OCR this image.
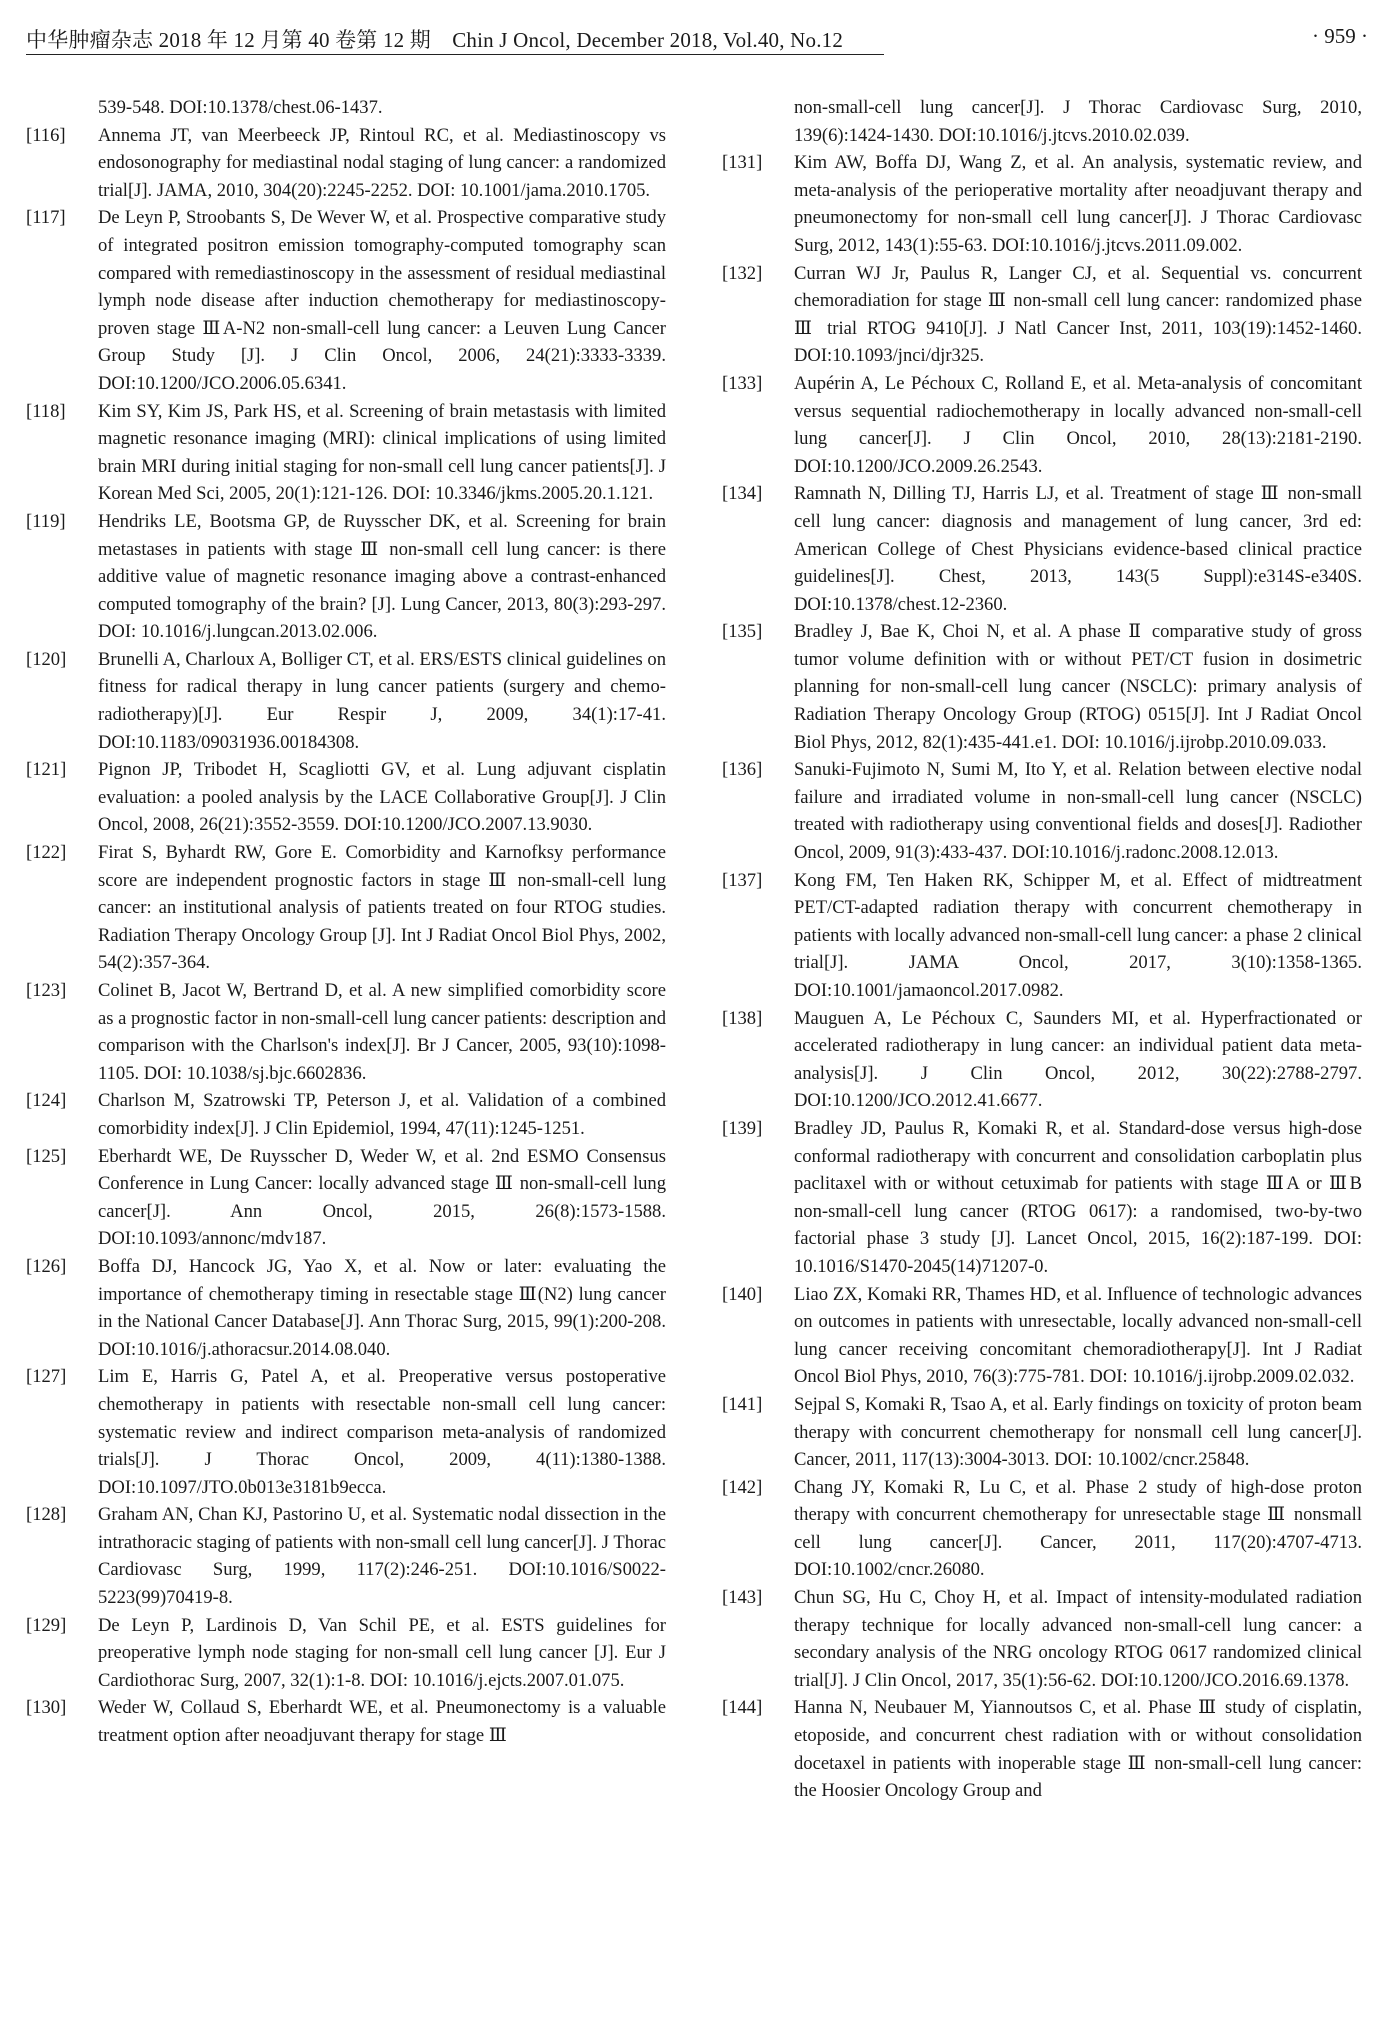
中华肿瘤杂志 2018 年 12 月第 40 卷第 12 期　Chin J Oncol, December 2018, Vol.40, No.12	· 959 ·
539-548. DOI:10.1378/chest.06-1437.
[116] Annema JT, van Meerbeeck JP, Rintoul RC, et al. Mediastinoscopy vs endosonography for mediastinal nodal staging of lung cancer: a randomized trial[J]. JAMA, 2010, 304(20):2245-2252. DOI: 10.1001/jama.2010.1705.
[117] De Leyn P, Stroobants S, De Wever W, et al. Prospective comparative study of integrated positron emission tomography-computed tomography scan compared with remediastinoscopy in the assessment of residual mediastinal lymph node disease after induction chemotherapy for mediastinoscopy-proven stage ⅢA-N2 non-small-cell lung cancer: a Leuven Lung Cancer Group Study [J]. J Clin Oncol, 2006, 24(21):3333-3339. DOI:10.1200/JCO.2006.05.6341.
[118] Kim SY, Kim JS, Park HS, et al. Screening of brain metastasis with limited magnetic resonance imaging (MRI): clinical implications of using limited brain MRI during initial staging for non-small cell lung cancer patients[J]. J Korean Med Sci, 2005, 20(1):121-126. DOI: 10.3346/jkms.2005.20.1.121.
[119] Hendriks LE, Bootsma GP, de Ruysscher DK, et al. Screening for brain metastases in patients with stage Ⅲ non-small cell lung cancer: is there additive value of magnetic resonance imaging above a contrast-enhanced computed tomography of the brain? [J]. Lung Cancer, 2013, 80(3):293-297. DOI: 10.1016/j.lungcan.2013.02.006.
[120] Brunelli A, Charloux A, Bolliger CT, et al. ERS/ESTS clinical guidelines on fitness for radical therapy in lung cancer patients (surgery and chemo-radiotherapy)[J]. Eur Respir J, 2009, 34(1):17-41. DOI:10.1183/09031936.00184308.
[121] Pignon JP, Tribodet H, Scagliotti GV, et al. Lung adjuvant cisplatin evaluation: a pooled analysis by the LACE Collaborative Group[J]. J Clin Oncol, 2008, 26(21):3552-3559. DOI:10.1200/JCO.2007.13.9030.
[122] Firat S, Byhardt RW, Gore E. Comorbidity and Karnofksy performance score are independent prognostic factors in stage Ⅲ non-small-cell lung cancer: an institutional analysis of patients treated on four RTOG studies. Radiation Therapy Oncology Group [J]. Int J Radiat Oncol Biol Phys, 2002, 54(2):357-364.
[123] Colinet B, Jacot W, Bertrand D, et al. A new simplified comorbidity score as a prognostic factor in non-small-cell lung cancer patients: description and comparison with the Charlson's index[J]. Br J Cancer, 2005, 93(10):1098-1105. DOI: 10.1038/sj.bjc.6602836.
[124] Charlson M, Szatrowski TP, Peterson J, et al. Validation of a combined comorbidity index[J]. J Clin Epidemiol, 1994, 47(11):1245-1251.
[125] Eberhardt WE, De Ruysscher D, Weder W, et al. 2nd ESMO Consensus Conference in Lung Cancer: locally advanced stage Ⅲ non-small-cell lung cancer[J]. Ann Oncol, 2015, 26(8):1573-1588. DOI:10.1093/annonc/mdv187.
[126] Boffa DJ, Hancock JG, Yao X, et al. Now or later: evaluating the importance of chemotherapy timing in resectable stage Ⅲ(N2) lung cancer in the National Cancer Database[J]. Ann Thorac Surg, 2015, 99(1):200-208. DOI:10.1016/j.athoracsur.2014.08.040.
[127] Lim E, Harris G, Patel A, et al. Preoperative versus postoperative chemotherapy in patients with resectable non-small cell lung cancer: systematic review and indirect comparison meta-analysis of randomized trials[J]. J Thorac Oncol, 2009, 4(11):1380-1388. DOI:10.1097/JTO.0b013e3181b9ecca.
[128] Graham AN, Chan KJ, Pastorino U, et al. Systematic nodal dissection in the intrathoracic staging of patients with non-small cell lung cancer[J]. J Thorac Cardiovasc Surg, 1999, 117(2):246-251. DOI:10.1016/S0022-5223(99)70419-8.
[129] De Leyn P, Lardinois D, Van Schil PE, et al. ESTS guidelines for preoperative lymph node staging for non-small cell lung cancer [J]. Eur J Cardiothorac Surg, 2007, 32(1):1-8. DOI: 10.1016/j.ejcts.2007.01.075.
[130] Weder W, Collaud S, Eberhardt WE, et al. Pneumonectomy is a valuable treatment option after neoadjuvant therapy for stage Ⅲ
non-small-cell lung cancer[J]. J Thorac Cardiovasc Surg, 2010, 139(6):1424-1430. DOI:10.1016/j.jtcvs.2010.02.039.
[131] Kim AW, Boffa DJ, Wang Z, et al. An analysis, systematic review, and meta-analysis of the perioperative mortality after neoadjuvant therapy and pneumonectomy for non-small cell lung cancer[J]. J Thorac Cardiovasc Surg, 2012, 143(1):55-63. DOI:10.1016/j.jtcvs.2011.09.002.
[132] Curran WJ Jr, Paulus R, Langer CJ, et al. Sequential vs. concurrent chemoradiation for stage Ⅲ non-small cell lung cancer: randomized phase Ⅲ trial RTOG 9410[J]. J Natl Cancer Inst, 2011, 103(19):1452-1460. DOI:10.1093/jnci/djr325.
[133] Aupérin A, Le Péchoux C, Rolland E, et al. Meta-analysis of concomitant versus sequential radiochemotherapy in locally advanced non-small-cell lung cancer[J]. J Clin Oncol, 2010, 28(13):2181-2190. DOI:10.1200/JCO.2009.26.2543.
[134] Ramnath N, Dilling TJ, Harris LJ, et al. Treatment of stage Ⅲ non-small cell lung cancer: diagnosis and management of lung cancer, 3rd ed: American College of Chest Physicians evidence-based clinical practice guidelines[J]. Chest, 2013, 143(5 Suppl):e314S-e340S. DOI:10.1378/chest.12-2360.
[135] Bradley J, Bae K, Choi N, et al. A phase Ⅱ comparative study of gross tumor volume definition with or without PET/CT fusion in dosimetric planning for non-small-cell lung cancer (NSCLC): primary analysis of Radiation Therapy Oncology Group (RTOG) 0515[J]. Int J Radiat Oncol Biol Phys, 2012, 82(1):435-441.e1. DOI: 10.1016/j.ijrobp.2010.09.033.
[136] Sanuki-Fujimoto N, Sumi M, Ito Y, et al. Relation between elective nodal failure and irradiated volume in non-small-cell lung cancer (NSCLC) treated with radiotherapy using conventional fields and doses[J]. Radiother Oncol, 2009, 91(3):433-437. DOI:10.1016/j.radonc.2008.12.013.
[137] Kong FM, Ten Haken RK, Schipper M, et al. Effect of midtreatment PET/CT-adapted radiation therapy with concurrent chemotherapy in patients with locally advanced non-small-cell lung cancer: a phase 2 clinical trial[J]. JAMA Oncol, 2017, 3(10):1358-1365. DOI:10.1001/jamaoncol.2017.0982.
[138] Mauguen A, Le Péchoux C, Saunders MI, et al. Hyperfractionated or accelerated radiotherapy in lung cancer: an individual patient data meta-analysis[J]. J Clin Oncol, 2012, 30(22):2788-2797. DOI:10.1200/JCO.2012.41.6677.
[139] Bradley JD, Paulus R, Komaki R, et al. Standard-dose versus high-dose conformal radiotherapy with concurrent and consolidation carboplatin plus paclitaxel with or without cetuximab for patients with stage ⅢA or ⅢB non-small-cell lung cancer (RTOG 0617): a randomised, two-by-two factorial phase 3 study [J]. Lancet Oncol, 2015, 16(2):187-199. DOI: 10.1016/S1470-2045(14)71207-0.
[140] Liao ZX, Komaki RR, Thames HD, et al. Influence of technologic advances on outcomes in patients with unresectable, locally advanced non-small-cell lung cancer receiving concomitant chemoradiotherapy[J]. Int J Radiat Oncol Biol Phys, 2010, 76(3):775-781. DOI: 10.1016/j.ijrobp.2009.02.032.
[141] Sejpal S, Komaki R, Tsao A, et al. Early findings on toxicity of proton beam therapy with concurrent chemotherapy for nonsmall cell lung cancer[J]. Cancer, 2011, 117(13):3004-3013. DOI: 10.1002/cncr.25848.
[142] Chang JY, Komaki R, Lu C, et al. Phase 2 study of high-dose proton therapy with concurrent chemotherapy for unresectable stage Ⅲ nonsmall cell lung cancer[J]. Cancer, 2011, 117(20):4707-4713. DOI:10.1002/cncr.26080.
[143] Chun SG, Hu C, Choy H, et al. Impact of intensity-modulated radiation therapy technique for locally advanced non-small-cell lung cancer: a secondary analysis of the NRG oncology RTOG 0617 randomized clinical trial[J]. J Clin Oncol, 2017, 35(1):56-62. DOI:10.1200/JCO.2016.69.1378.
[144] Hanna N, Neubauer M, Yiannoutsos C, et al. Phase Ⅲ study of cisplatin, etoposide, and concurrent chest radiation with or without consolidation docetaxel in patients with inoperable stage Ⅲ non-small-cell lung cancer: the Hoosier Oncology Group and
